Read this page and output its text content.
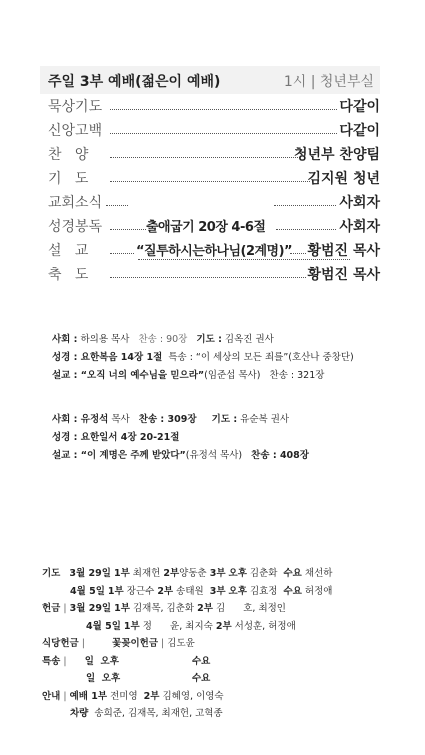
주일 3부 예배(젊은이 예배)	1시 | 청년부실
묵상기도	다같이
신앙고백	다같이
찬   양	청년부 찬양팀
기   도	김지원 청년
교회소식	사회자
성경봉독	출애굽기 20장 4-6절	사회자
설   교	“질투하시는하나님(2계명)” 황범진 목사
축   도	황범진 목사
사회 : 하의용 목사 찬송 : 90장 기도 : 김옥진 권사
성경 : 요한복음 14장 1절 특송 : “이 세상의 모든 죄를”(호산나 중창단)
설교 : “오직 너의 예수님을 믿으라”(임준섭 목사) 찬송 : 321장
사회 : 유정석 목사 찬송 : 309장 기도 : 유순복 권사
성경 : 요한일서 4장 20-21절
설교 : “이 계명은 주께 받았다”(유정석 목사) 찬송 : 408장
기도 3월 29일 1부 최재헌 2부양동춘 3부 오후 김춘화 수요 채선하
4월 5일 1부 장근수 2부 송태원 3부 오후 김효정 수요 허정애
헌금 | 3월 29일 1부 김재목, 김춘화 2부 김      호, 최정인
4월 5일 1부 정      윤, 최지숙 2부 서성훈, 허정애
식당헌금 |         꽃꽂이헌금 | 김도윤
특송 |      일  오후	수요
일  오후	수요
안내 | 예배 1부 전미영 2부 김혜영, 이영숙
차량 송희준, 김재목, 최재헌, 고혁종
